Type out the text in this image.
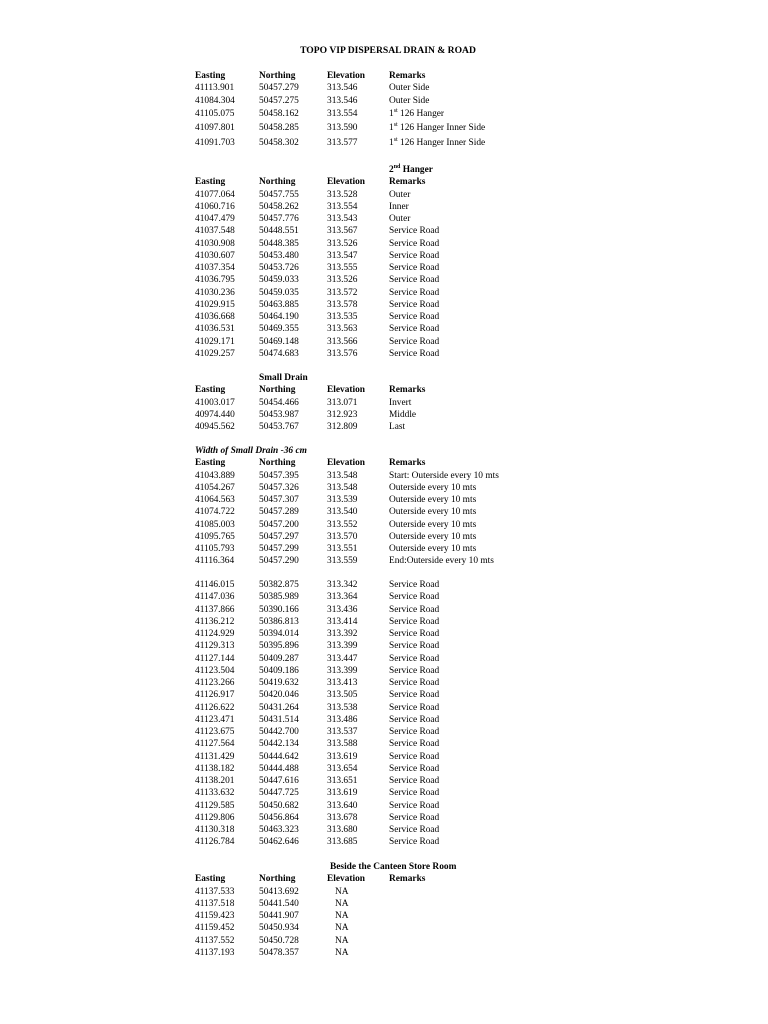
TOPO VIP DISPERSAL DRAIN & ROAD
Easting	Northing	Elevation	Remarks
41113.901	50457.279	313.546	Outer Side
41084.304	50457.275	313.546	Outer Side
41105.075	50458.162	313.554	1st 126 Hanger
41097.801	50458.285	313.590	1st 126 Hanger Inner Side
41091.703	50458.302	313.577	1st 126 Hanger Inner Side
2nd Hanger
Easting	Northing	Elevation	Remarks
41077.064	50457.755	313.528	Outer
41060.716	50458.262	313.554	Inner
41047.479	50457.776	313.543	Outer
41037.548	50448.551	313.567	Service Road
41030.908	50448.385	313.526	Service Road
41030.607	50453.480	313.547	Service Road
41037.354	50453.726	313.555	Service Road
41036.795	50459.033	313.526	Service Road
41030.236	50459.035	313.572	Service Road
41029.915	50463.885	313.578	Service Road
41036.668	50464.190	313.535	Service Road
41036.531	50469.355	313.563	Service Road
41029.171	50469.148	313.566	Service Road
41029.257	50474.683	313.576	Service Road
Small Drain
Easting	Northing	Elevation	Remarks
41003.017	50454.466	313.071	Invert
40974.440	50453.987	312.923	Middle
40945.562	50453.767	312.809	Last
Width of Small Drain -36 cm
Easting	Northing	Elevation	Remarks
41043.889	50457.395	313.548	Start: Outerside every 10 mts
41054.267	50457.326	313.548	Outerside every 10 mts
41064.563	50457.307	313.539	Outerside every 10 mts
41074.722	50457.289	313.540	Outerside every 10 mts
41085.003	50457.200	313.552	Outerside every 10 mts
41095.765	50457.297	313.570	Outerside every 10 mts
41105.793	50457.299	313.551	Outerside every 10 mts
41116.364	50457.290	313.559	End:Outerside every 10 mts
41146.015	50382.875	313.342	Service Road
41147.036	50385.989	313.364	Service Road
41137.866	50390.166	313.436	Service Road
41136.212	50386.813	313.414	Service Road
41124.929	50394.014	313.392	Service Road
41129.313	50395.896	313.399	Service Road
41127.144	50409.287	313.447	Service Road
41123.504	50409.186	313.399	Service Road
41123.266	50419.632	313.413	Service Road
41126.917	50420.046	313.505	Service Road
41126.622	50431.264	313.538	Service Road
41123.471	50431.514	313.486	Service Road
41123.675	50442.700	313.537	Service Road
41127.564	50442.134	313.588	Service Road
41131.429	50444.642	313.619	Service Road
41138.182	50444.488	313.654	Service Road
41138.201	50447.616	313.651	Service Road
41133.632	50447.725	313.619	Service Road
41129.585	50450.682	313.640	Service Road
41129.806	50456.864	313.678	Service Road
41130.318	50463.323	313.680	Service Road
41126.784	50462.646	313.685	Service Road
Beside the Canteen Store Room
Easting	Northing	Elevation	Remarks
41137.533	50413.692	NA
41137.518	50441.540	NA
41159.423	50441.907	NA
41159.452	50450.934	NA
41137.552	50450.728	NA
41137.193	50478.357	NA
